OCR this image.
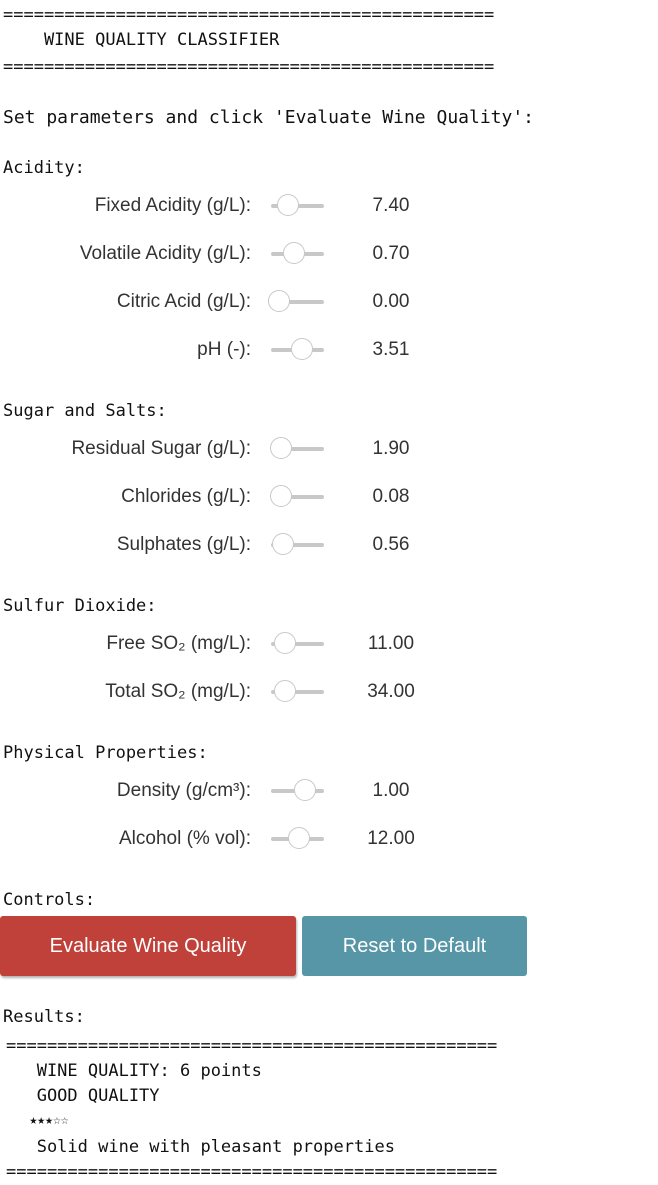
================================================
WINE QUALITY CLASSIFIER
================================================
Set parameters and click 'Evaluate Wine Quality':
Acidity:
Fixed Acidity (g/L):	7.40
Volatile Acidity (g/L):	0.70
Citric Acid (g/L):	0.00
pH (-):	3.51
Sugar and Salts:
Residual Sugar (g/L):	1.90
Chlorides (g/L):	0.08
Sulphates (g/L):	0.56
Sulfur Dioxide:
Free SO₂ (mg/L):	11.00
Total SO₂ (mg/L):	34.00
Physical Properties:
Density (g/cm³):	1.00
Alcohol (% vol):	12.00
Controls:
Evaluate Wine Quality	Reset to Default
Results:
================================================
WINE QUALITY: 6 points
GOOD QUALITY
★★★☆☆
Solid wine with pleasant properties
================================================
